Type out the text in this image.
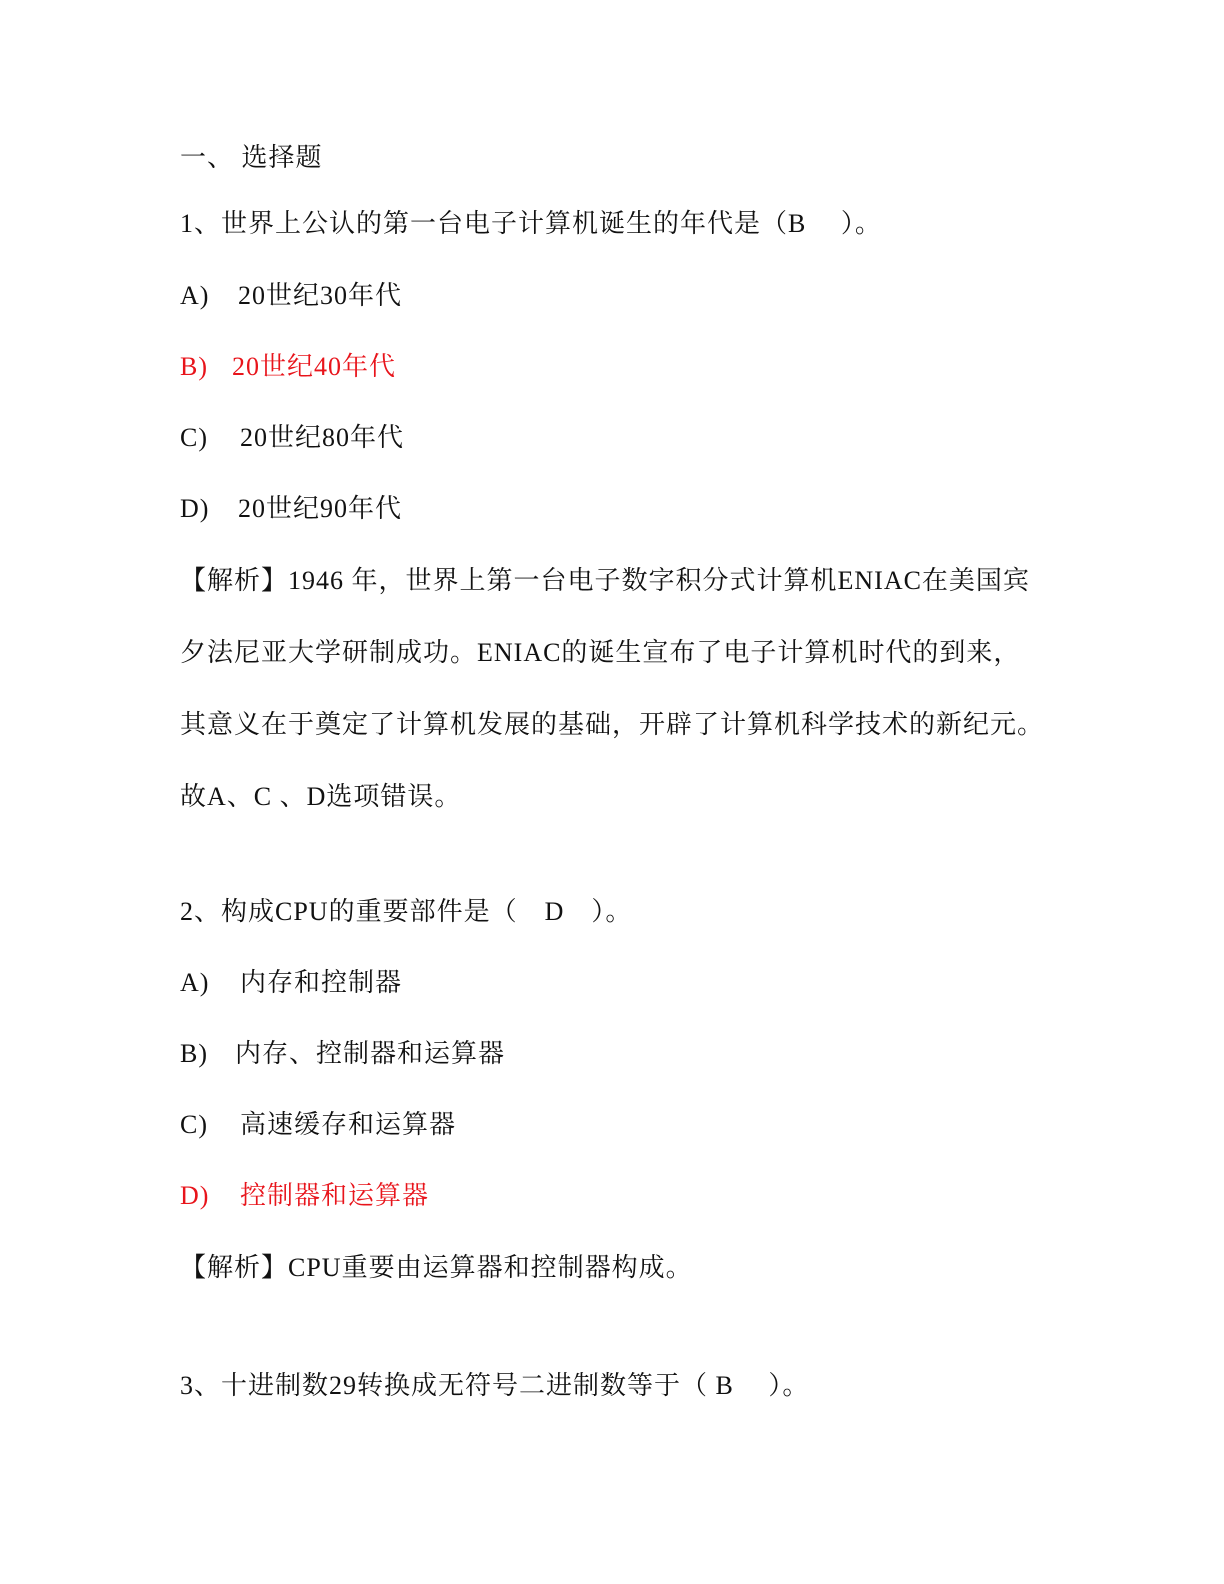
一、 选择题
1、世界上公认的第一台电子计算机诞生的年代是（B　 ）。
A) 20世纪30年代
B) 20世纪40年代
C) 20世纪80年代
D) 20世纪90年代
【解析】1946 年，世界上第一台电子数字积分式计算机ENIAC在美国宾
夕法尼亚大学研制成功。ENIAC的诞生宣布了电子计算机时代的到来，
其意义在于奠定了计算机发展的基础，开辟了计算机科学技术的新纪元。
故A、C 、D选项错误。
2、构成CPU的重要部件是（　D　）。
A) 内存和控制器
B) 内存、控制器和运算器
C) 高速缓存和运算器
D) 控制器和运算器
【解析】CPU重要由运算器和控制器构成。
3、十进制数29转换成无符号二进制数等于（ B　 ）。
